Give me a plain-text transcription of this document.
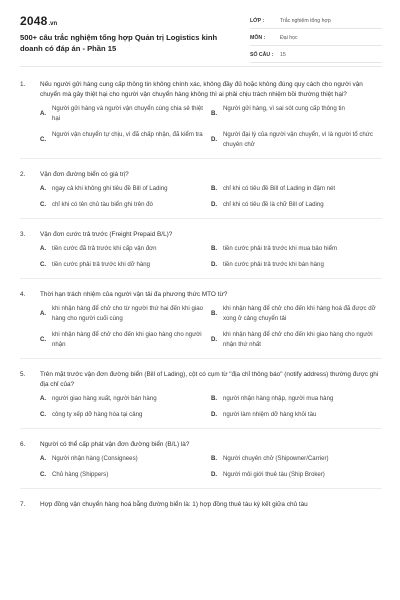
2048.vn
500+ câu trắc nghiệm tổng hợp Quản trị Logistics kinh doanh có đáp án - Phần 15
LỚP :	Trắc nghiệm tổng hợp
MÔN :	Đại học
SỐ CÂU : 15
1. Nếu người gửi hàng cung cấp thông tin không chính xác, không đầy đủ hoặc không đúng quy cách cho người vận chuyển mà gây thiệt hại cho người vận chuyển hàng không thì ai phải chịu trách nhiệm bồi thường thiệt hại?
A.
Người gửi hàng và người vận chuyển cùng chia sẻ thiệt hại
B.
Người gửi hàng, vì sai sót cung cấp thông tin
C.
Người vận chuyển tự chịu, vì đã chấp nhận, đã kiểm tra
D.
Người đại lý của người vận chuyển, vì là người tổ chức chuyên chở
2. Vận đơn đường biển có giá trị?
A. ngay cả khi không ghi tiêu đề Bill of Lading	B. chỉ khi có tiêu đề Bill of Lading in đậm nét
C. chỉ khi có tên chủ tàu biển ghi trên đó	D. chỉ khi có tiêu đề là chữ Bill of Lading
3. Vận đơn cước trả trước (Freight Prepaid B/L)?
A. tiền cước đã trả trước khi cấp vận đơn	B. tiền cước phải trả trước khi mua bảo hiểm
C. tiền cước phải trả trước khi dỡ hàng	D. tiền cước phải trả trước khi bán hàng
4. Thời hạn trách nhiệm của người vận tải đa phương thức MTO từ?
A.
khi nhận hàng để chở cho từ người thứ hai đến khi giao hàng cho người cuối cùng
B.
khi nhận hàng để chở cho đến khi hàng hoá đã được dỡ xong ở cảng chuyển tải
C.
khi nhận hàng để chở cho đến khi giao hàng cho người nhận
D.
khi nhận hàng để chở cho đến khi giao hàng cho người nhận thứ nhất
5. Trên mặt trước vận đơn đường biển (Bill of Lading), cột có cụm từ "địa chỉ thông báo" (notify address) thường được ghi địa chỉ của?
A. người giao hàng xuất, người bán hàng	B. người nhận hàng nhập, người mua hàng
C. công ty xếp dỡ hàng hóa tại cảng	D. người làm nhiệm dỡ hàng khỏi tàu
6. Người có thể cấp phát vận đơn đường biển (B/L) là?
A. Người nhận hàng (Consignees)	B. Người chuyên chở (Shipowner/Carrier)
C. Chủ hàng (Shippers)	D. Người môi giới thuê tàu (Ship Broker)
7. Hợp đồng vận chuyển hàng hoá bằng đường biển là: 1) hợp đồng thuê tàu ký kết giữa chủ tàu
